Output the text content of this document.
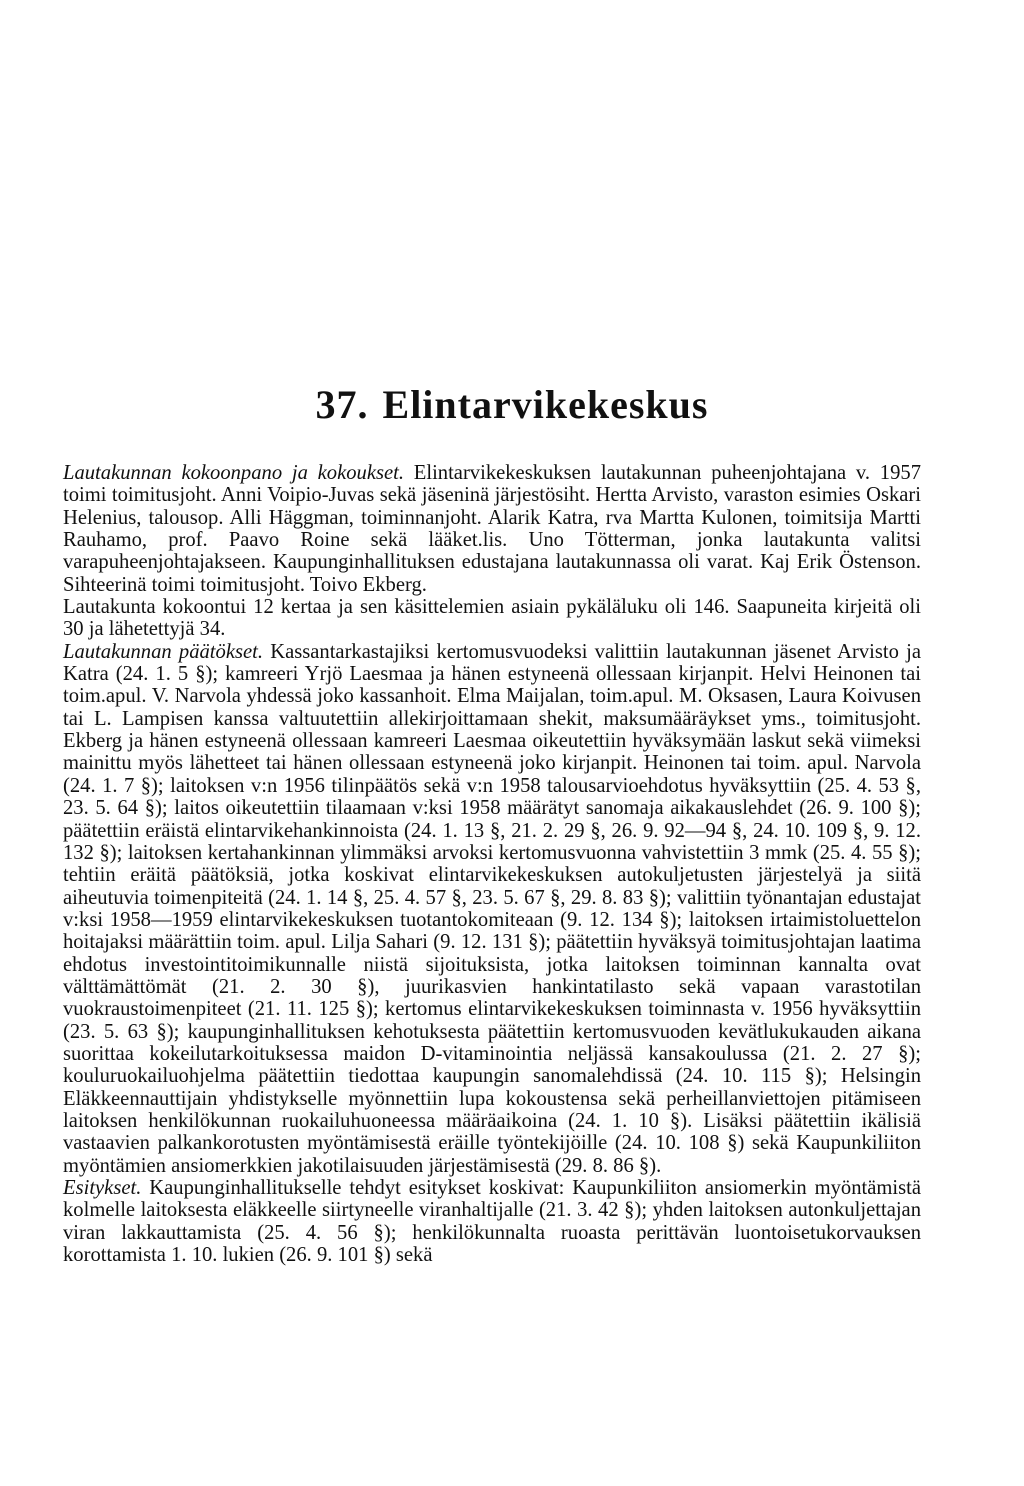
37. Elintarvikekeskus

Lautakunnan kokoonpano ja kokoukset. Elintarvikekeskuksen lautakunnan puheenjohtajana v. 1957 toimi toimitusjoht. Anni Voipio-Juvas sekä jäseninä järjestösiht. Hertta Arvisto, varaston esimies Oskari Helenius, talousop. Alli Häggman, toiminnanjoht. Alarik Katra, rva Martta Kulonen, toimitsija Martti Rauhamo, prof. Paavo Roine sekä lääket.lis. Uno Tötterman, jonka lautakunta valitsi varapuheenjohtajakseen. Kaupunginhallituksen edustajana lautakunnassa oli varat. Kaj Erik Östenson. Sihteerinä toimi toimitusjoht. Toivo Ekberg.

Lautakunta kokoontui 12 kertaa ja sen käsittelemien asiain pykäläluku oli 146. Saapuneita kirjeitä oli 30 ja lähetettyjä 34.

Lautakunnan päätökset. Kassantarkastajiksi kertomusvuodeksi valittiin lautakunnan jäsenet Arvisto ja Katra (24. 1. 5 §); kamreeri Yrjö Laesmaa ja hänen estyneenä ollessaan kirjanpit. Helvi Heinonen tai toim.apul. V. Narvola yhdessä joko kassanhoit. Elma Maijalan, toim.apul. M. Oksasen, Laura Koivusen tai L. Lampisen kanssa valtuutettiin allekirjoittamaan shekit, maksumääräykset yms., toimitusjoht. Ekberg ja hänen estyneenä ollessaan kamreeri Laesmaa oikeutettiin hyväksymään laskut sekä viimeksi mainittu myös lähetteet tai hänen ollessaan estyneenä joko kirjanpit. Heinonen tai toim. apul. Narvola (24. 1. 7 §); laitoksen v:n 1956 tilinpäätös sekä v:n 1958 talousarvioehdotus hyväksyttiin (25. 4. 53 §, 23. 5. 64 §); laitos oikeutettiin tilaamaan v:ksi 1958 määrätyt sanomaja aikakauslehdet (26. 9. 100 §); päätettiin eräistä elintarvikehankinnoista (24. 1. 13 §, 21. 2. 29 §, 26. 9. 92—94 §, 24. 10. 109 §, 9. 12. 132 §); laitoksen kertahankinnan ylimmäksi arvoksi kertomusvuonna vahvistettiin 3 mmk (25. 4. 55 §); tehtiin eräitä päätöksiä, jotka koskivat elintarvikekeskuksen autokuljetusten järjestelyä ja siitä aiheutuvia toimenpiteitä (24. 1. 14 §, 25. 4. 57 §, 23. 5. 67 §, 29. 8. 83 §); valittiin työnantajan edustajat v:ksi 1958—1959 elintarvikekeskuksen tuotantokomiteaan (9. 12. 134 §); laitoksen irtaimistoluettelon hoitajaksi määrättiin toim. apul. Lilja Sahari (9. 12. 131 §); päätettiin hyväksyä toimitusjohtajan laatima ehdotus investointitoimikunnalle niistä sijoituksista, jotka laitoksen toiminnan kannalta ovat välttämättömät (21. 2. 30 §), juurikasvien hankintatilasto sekä vapaan varastotilan vuokraustoimenpiteet (21. 11. 125 §); kertomus elintarvikekeskuksen toiminnasta v. 1956 hyväksyttiin (23. 5. 63 §); kaupunginhallituksen kehotuksesta päätettiin kertomusvuoden kevätlukukauden aikana suorittaa kokeilutarkoituksessa maidon D-vitaminointia neljässä kansakoulussa (21. 2. 27 §); kouluruokailuohjelma päätettiin tiedottaa kaupungin sanomalehdissä (24. 10. 115 §); Helsingin Eläkkeennauttijain yhdistykselle myönnettiin lupa kokoustensa sekä perheillanviettojen pitämiseen laitoksen henkilökunnan ruokailuhuoneessa määräaikoina (24. 1. 10 §). Lisäksi päätettiin ikälisiä vastaavien palkankorotusten myöntämisestä eräille työntekijöille (24. 10. 108 §) sekä Kaupunkiliiton myöntämien ansiomerkkien jakotilaisuuden järjestämisestä (29. 8. 86 §).

Esitykset. Kaupunginhallitukselle tehdyt esitykset koskivat: Kaupunkiliiton ansiomerkin myöntämistä kolmelle laitoksesta eläkkeelle siirtyneelle viranhaltijalle (21. 3. 42 §); yhden laitoksen autonkuljettajan viran lakkauttamista (25. 4. 56 §); henkilökunnalta ruoasta perittävän luontoisetukorvauksen korottamista 1. 10. lukien (26. 9. 101 §) sekä
